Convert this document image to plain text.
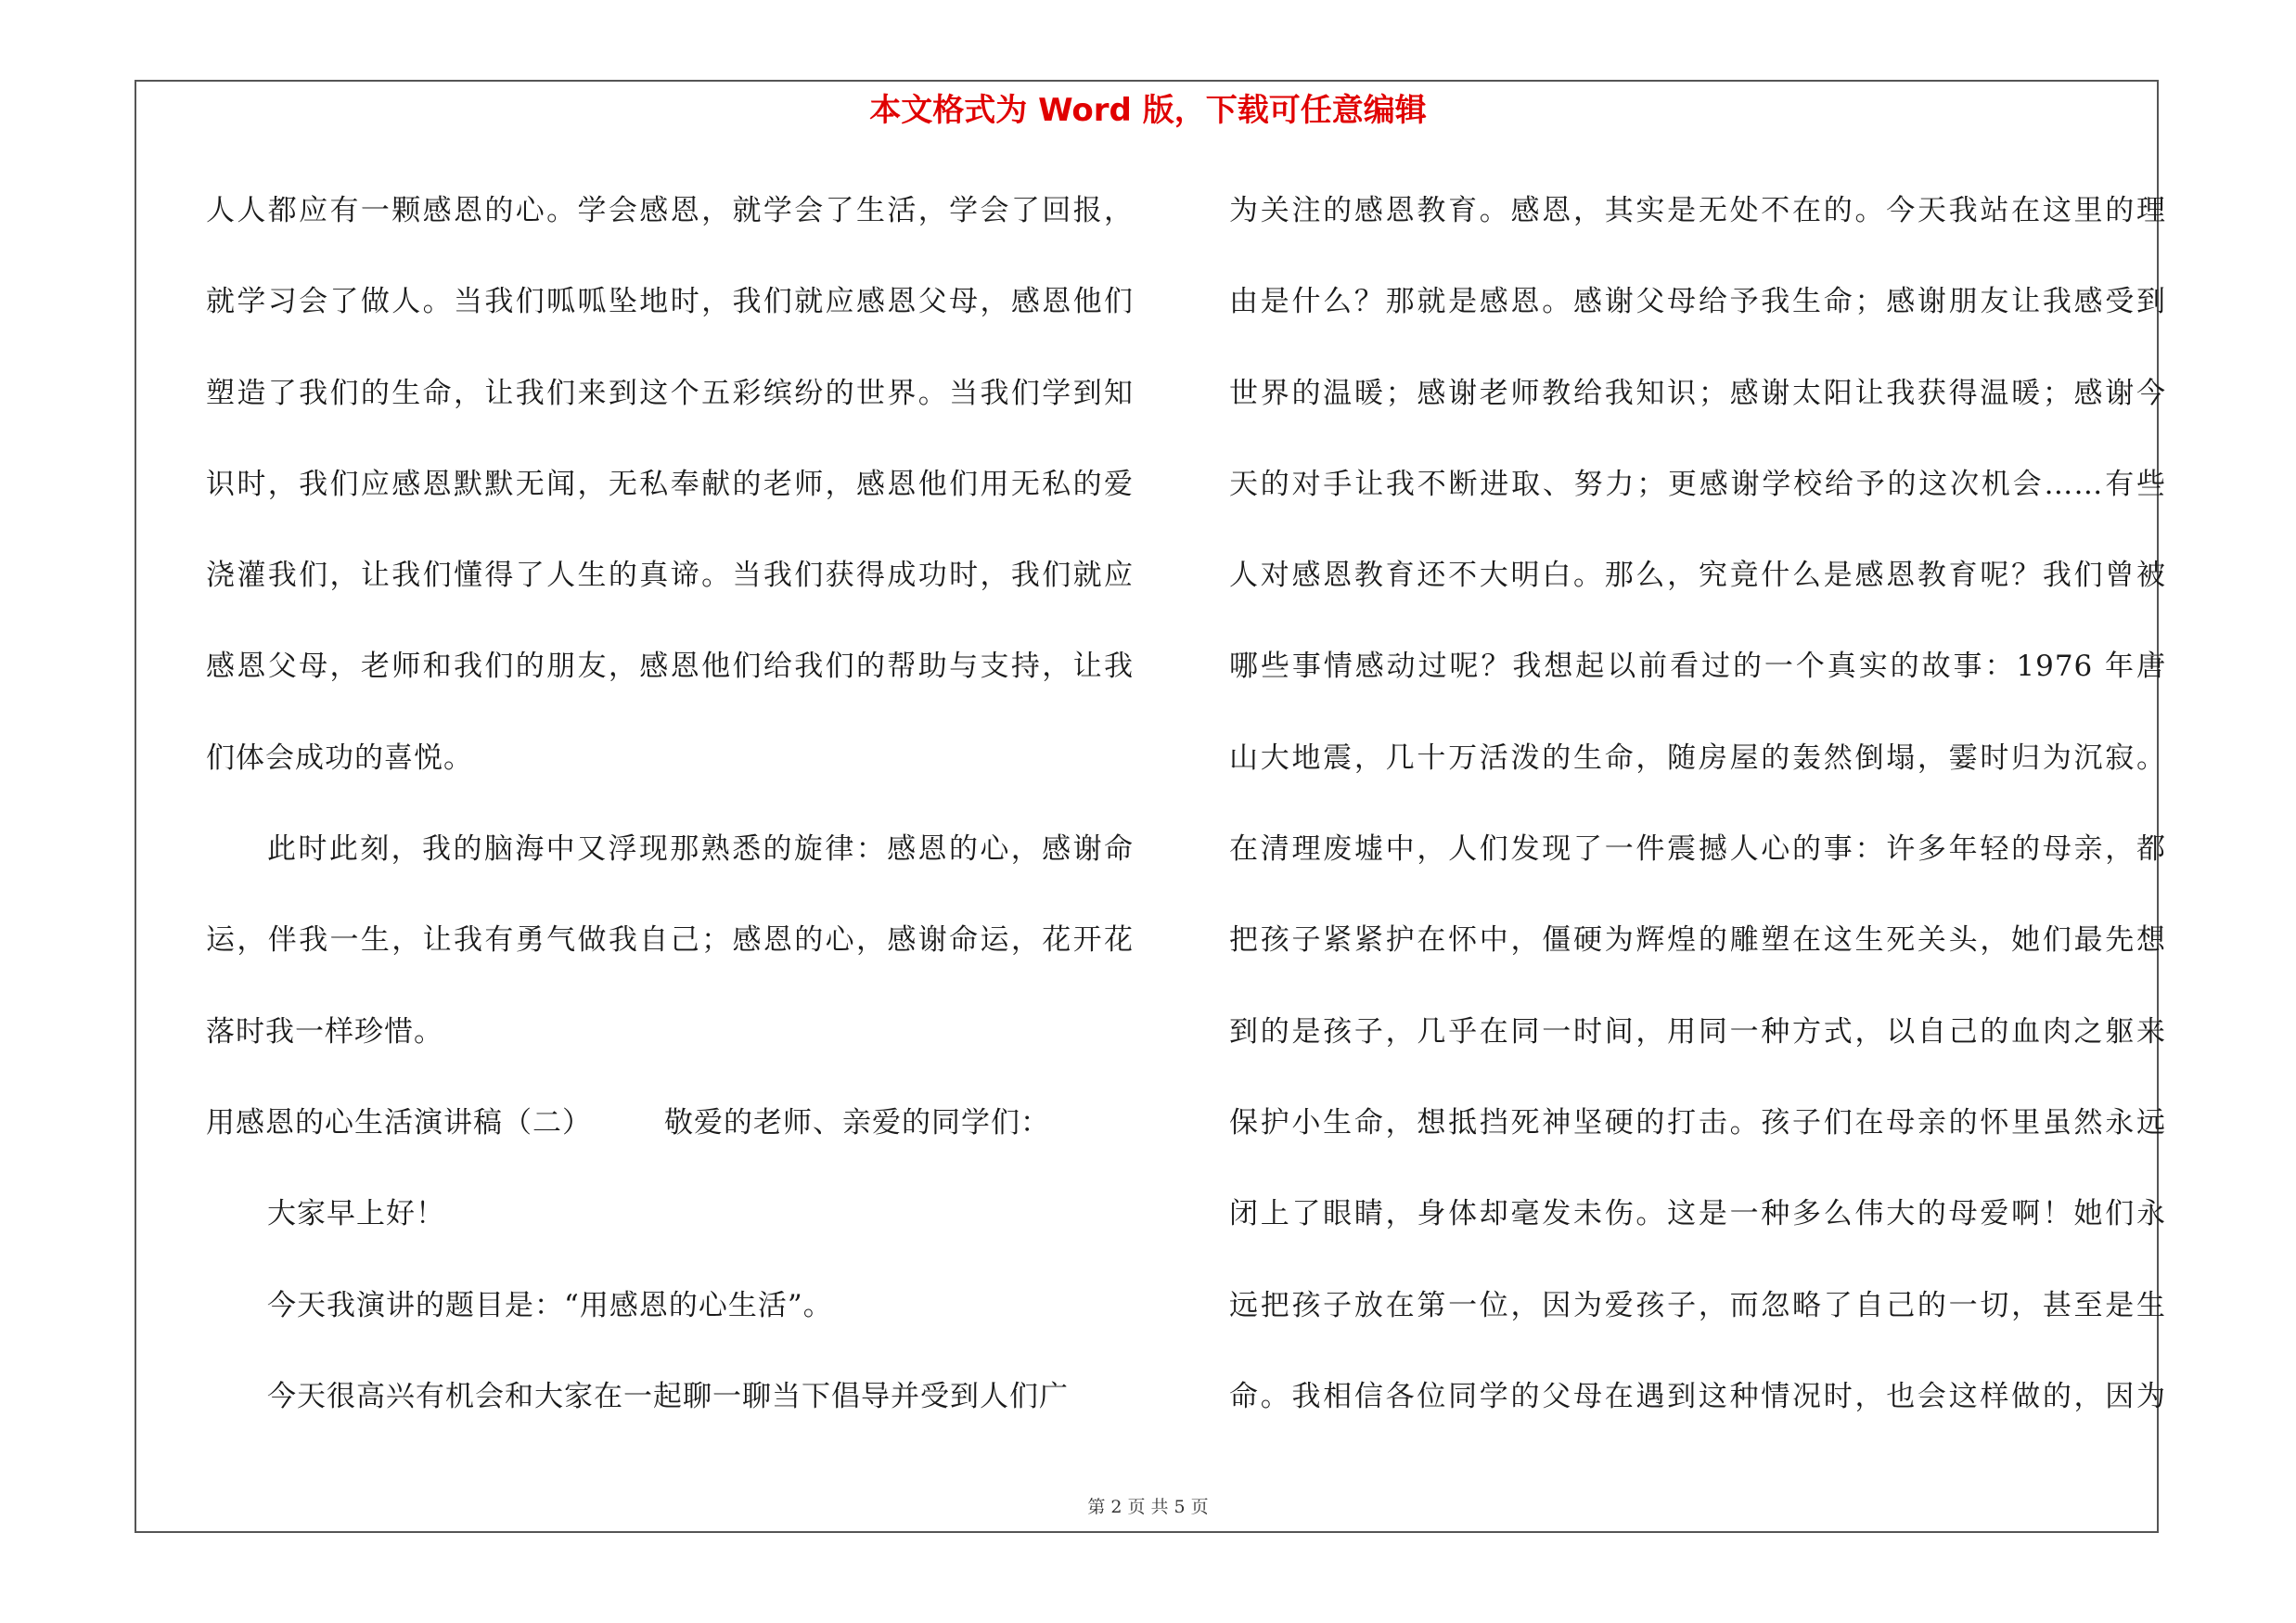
本文格式为 Word 版，下载可任意编辑
人人都应有一颗感恩的心。学会感恩，就学会了生活，学会了回报，
就学习会了做人。当我们呱呱坠地时，我们就应感恩父母，感恩他们
塑造了我们的生命，让我们来到这个五彩缤纷的世界。当我们学到知
识时，我们应感恩默默无闻，无私奉献的老师，感恩他们用无私的爱
浇灌我们，让我们懂得了人生的真谛。当我们获得成功时，我们就应
感恩父母，老师和我们的朋友，感恩他们给我们的帮助与支持，让我
们体会成功的喜悦。
此时此刻，我的脑海中又浮现那熟悉的旋律：感恩的心，感谢命
运，伴我一生，让我有勇气做我自己；感恩的心，感谢命运，花开花
落时我一样珍惜。
用感恩的心生活演讲稿（二）	敬爱的老师、亲爱的同学们：
大家早上好！
今天我演讲的题目是：“用感恩的心生活”。
今天很高兴有机会和大家在一起聊一聊当下倡导并受到人们广
为关注的感恩教育。感恩，其实是无处不在的。今天我站在这里的理
由是什么？那就是感恩。感谢父母给予我生命；感谢朋友让我感受到
世界的温暖；感谢老师教给我知识；感谢太阳让我获得温暖；感谢今
天的对手让我不断进取、努力；更感谢学校给予的这次机会……有些
人对感恩教育还不大明白。那么，究竟什么是感恩教育呢？我们曾被
哪些事情感动过呢？我想起以前看过的一个真实的故事：1976 年唐
山大地震，几十万活泼的生命，随房屋的轰然倒塌，霎时归为沉寂。
在清理废墟中，人们发现了一件震撼人心的事：许多年轻的母亲，都
把孩子紧紧护在怀中，僵硬为辉煌的雕塑在这生死关头，她们最先想
到的是孩子，几乎在同一时间，用同一种方式，以自己的血肉之躯来
保护小生命，想抵挡死神坚硬的打击。孩子们在母亲的怀里虽然永远
闭上了眼睛，身体却毫发未伤。这是一种多么伟大的母爱啊！她们永
远把孩子放在第一位，因为爱孩子，而忽略了自己的一切，甚至是生
命。我相信各位同学的父母在遇到这种情况时，也会这样做的，因为
第 2 页 共 5 页
